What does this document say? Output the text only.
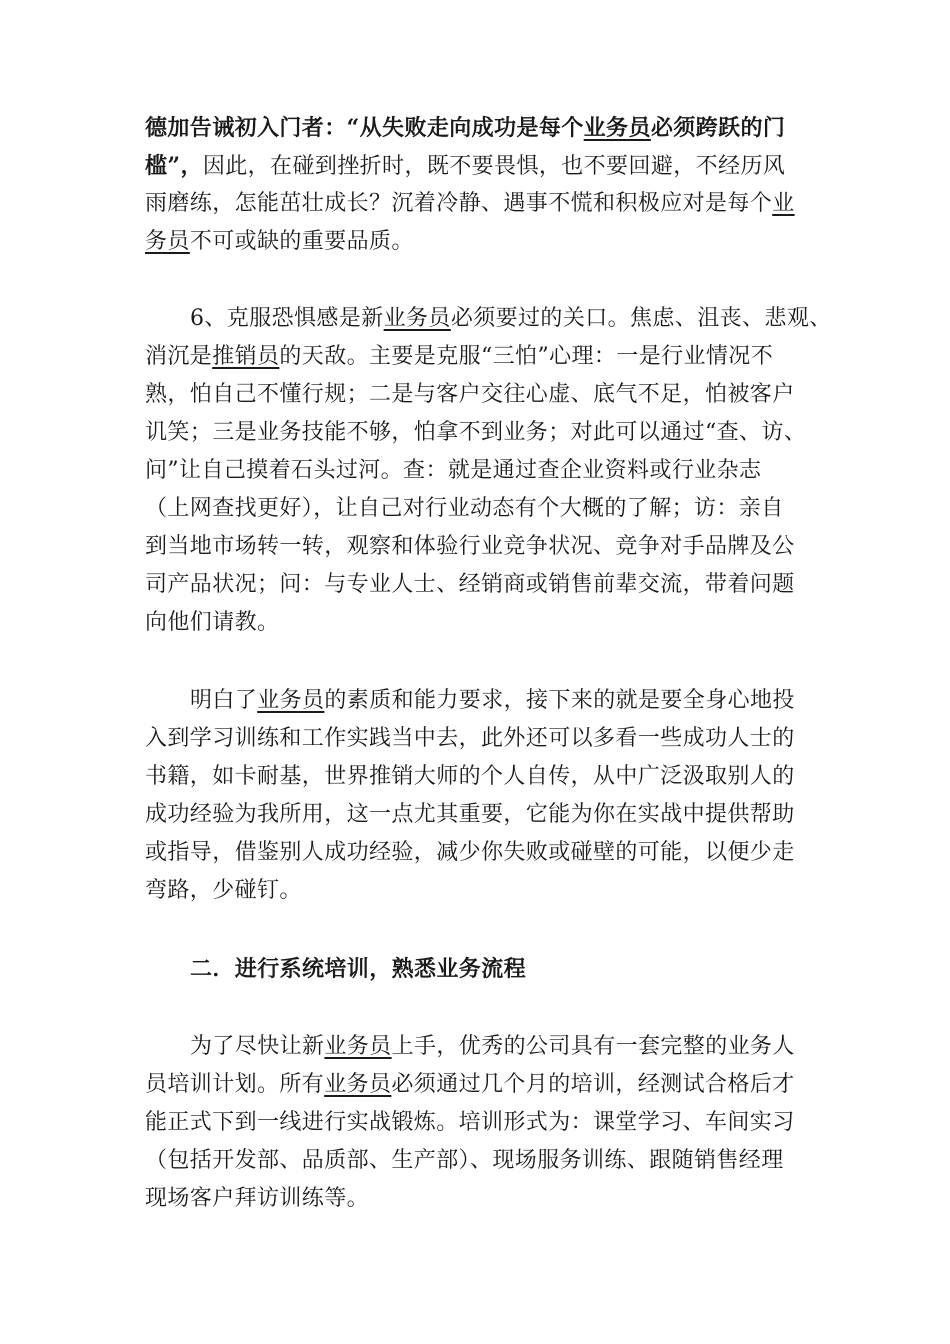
德加告诫初入门者：“从失败走向成功是每个业务员必须跨跃的门
槛”，因此，在碰到挫折时，既不要畏惧，也不要回避，不经历风
雨磨练，怎能茁壮成长？沉着冷静、遇事不慌和积极应对是每个业
务员不可或缺的重要品质。
6、克服恐惧感是新业务员必须要过的关口。焦虑、沮丧、悲观、
消沉是推销员的天敌。主要是克服“三怕”心理：一是行业情况不
熟，怕自己不懂行规；二是与客户交往心虚、底气不足，怕被客户
讥笑；三是业务技能不够，怕拿不到业务；对此可以通过“查、访、
问”让自己摸着石头过河。查：就是通过查企业资料或行业杂志
（上网查找更好），让自己对行业动态有个大概的了解；访：亲自
到当地市场转一转，观察和体验行业竞争状况、竞争对手品牌及公
司产品状况；问：与专业人士、经销商或销售前辈交流，带着问题
向他们请教。
明白了业务员的素质和能力要求，接下来的就是要全身心地投
入到学习训练和工作实践当中去，此外还可以多看一些成功人士的
书籍，如卡耐基，世界推销大师的个人自传，从中广泛汲取别人的
成功经验为我所用，这一点尤其重要，它能为你在实战中提供帮助
或指导，借鉴别人成功经验，减少你失败或碰壁的可能，以便少走
弯路，少碰钉。
二．进行系统培训，熟悉业务流程
为了尽快让新业务员上手，优秀的公司具有一套完整的业务人
员培训计划。所有业务员必须通过几个月的培训，经测试合格后才
能正式下到一线进行实战锻炼。培训形式为：课堂学习、车间实习
（包括开发部、品质部、生产部）、现场服务训练、跟随销售经理
现场客户拜访训练等。
